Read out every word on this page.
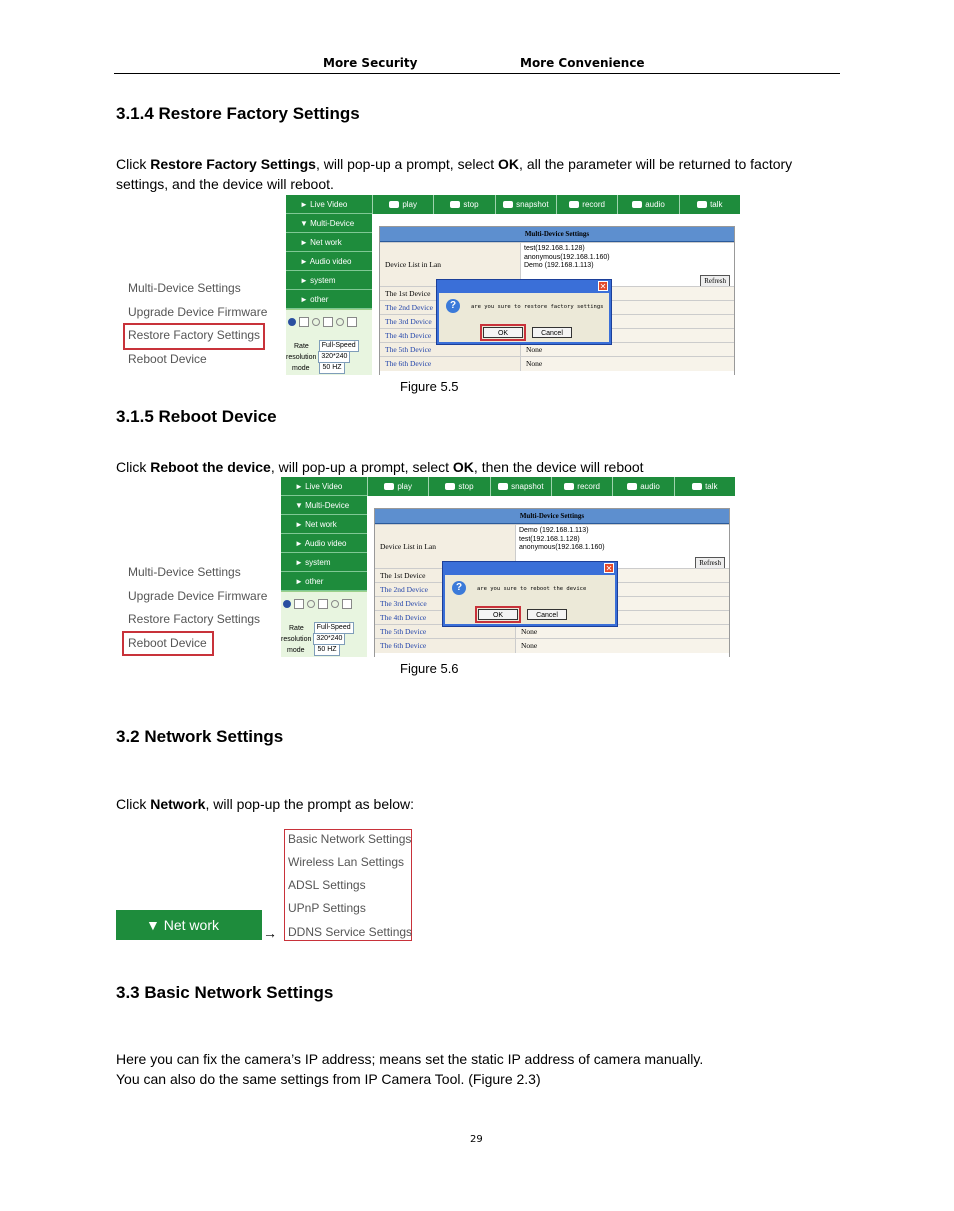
More Security	More Convenience
3.1.4 Restore Factory Settings
Click Restore Factory Settings, will pop-up a prompt, select OK, all the parameter will be returned to factory
settings, and the device will reboot.
Multi-Device Settings
Upgrade Device Firmware
Restore Factory Settings
Reboot Device
► Live Video
▼ Multi-Device
► Net work
► Audio video
► system
► other
Rate Full-Speed
resolution 320*240
mode 50 HZ
play	stop	snapshot	record	audio	talk
Multi-Device Settings
Device List in Lan
test(192.168.1.128)
anonymous(192.168.1.160)
Demo (192.168.1.113)
Refresh
The 1st Device
The 2nd Device
The 3rd Device
The 4th Device
The 5th Device	None
The 6th Device	None
✕
?	are you sure to restore factory settings
OK	Cancel
Figure 5.5
3.1.5 Reboot Device
Click Reboot the device, will pop-up a prompt, select OK, then the device will reboot
Multi-Device Settings
Upgrade Device Firmware
Restore Factory Settings
Reboot Device
► Live Video
▼ Multi-Device
► Net work
► Audio video
► system
► other
Rate Full-Speed
resolution 320*240
mode 50 HZ
play	stop	snapshot	record	audio	talk
Multi-Device Settings
Device List in Lan
Demo (192.168.1.113)
test(192.168.1.128)
anonymous(192.168.1.160)
Refresh
The 1st Device
The 2nd Device
The 3rd Device
The 4th Device
The 5th Device	None
The 6th Device	None
✕
?	are you sure to reboot the device
OK	Cancel
Figure 5.6
3.2 Network Settings
Click Network, will pop-up the prompt as below:
▼ Net work	→
Basic Network Settings
Wireless Lan Settings
ADSL Settings
UPnP Settings
DDNS Service Settings
3.3 Basic Network Settings
Here you can fix the camera’s IP address; means set the static IP address of camera manually.
You can also do the same settings from IP Camera Tool. (Figure 2.3)
29
